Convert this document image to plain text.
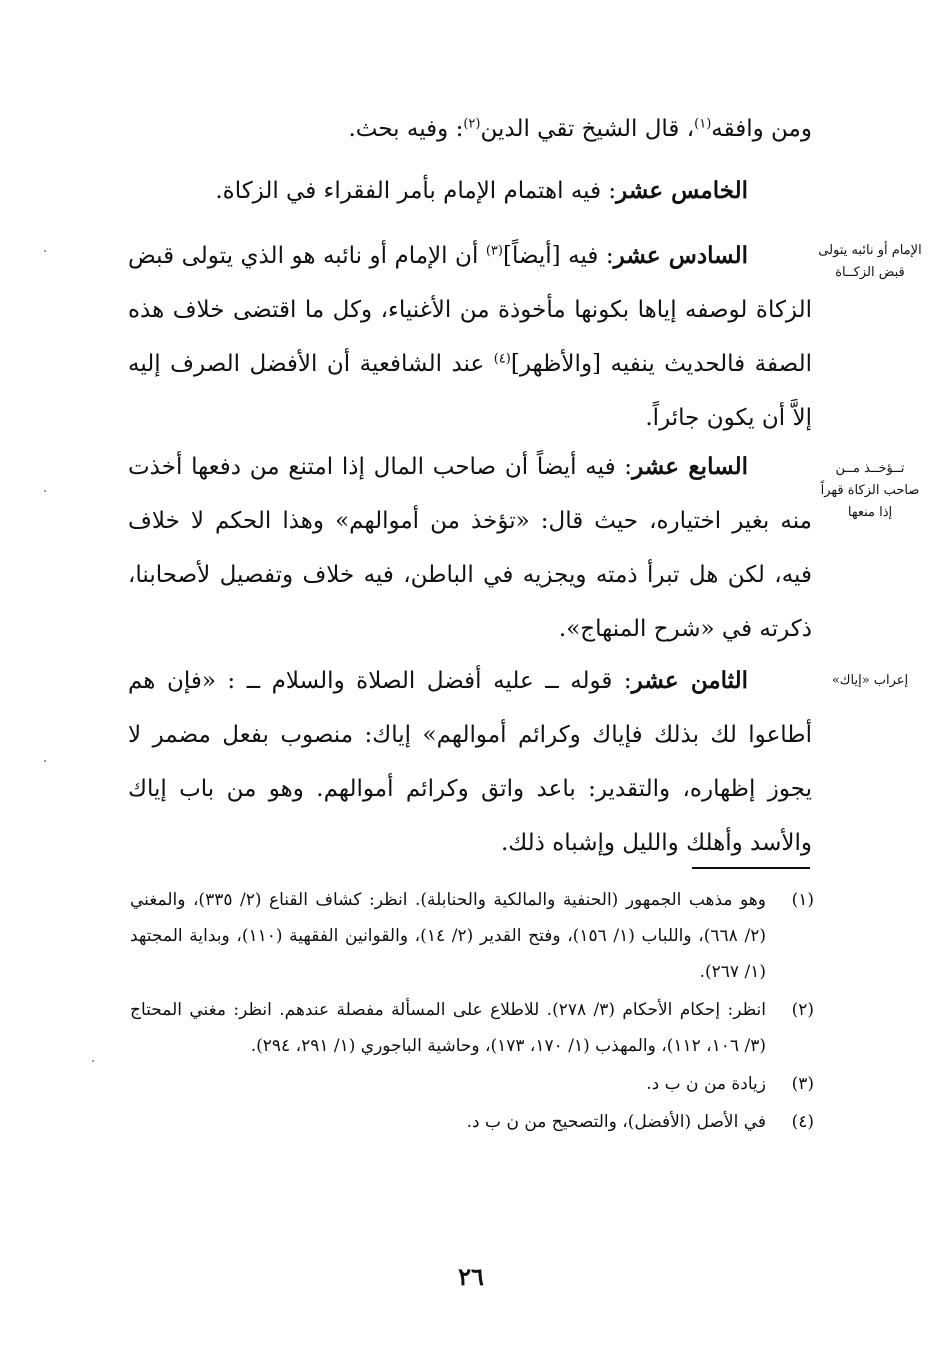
ومن وافقه$^{(١)}$، قال الشيخ تقي الدين$^{(٢)}$: وفيه بحث.

الخامس عشر: فيه اهتمام الإمام بأمر الفقراء في الزكاة.

السادس عشر: فيه [أيضاً]$^{(٣)}$ أن الإمام أو نائبه هو الذي يتولى قبض الزكاة لوصفه إياها بكونها مأخوذة من الأغنياء، وكل ما اقتضى خلاف هذه الصفة فالحديث ينفيه [والأظهر]$^{(٤)}$ عند الشافعية أن الأفضل الصرف إليه إلاَّ أن يكون جائراً.

السابع عشر: فيه أيضاً أن صاحب المال إذا امتنع من دفعها أخذت منه بغير اختياره، حيث قال: «تؤخذ من أموالهم» وهذا الحكم لا خلاف فيه، لكن هل تبرأ ذمته ويجزيه في الباطن، فيه خلاف وتفصيل لأصحابنا، ذكرته في «شرح المنهاج».

الثامن عشر: قوله ــ عليه أفضل الصلاة والسلام ــ : «فإن هم أطاعوا لك بذلك فإياك وكرائم أموالهم» إياك: منصوب بفعل مضمر لا يجوز إظهاره، والتقدير: باعد واتق وكرائم أموالهم. وهو من باب إياك والأسد وأهلك والليل وإشباه ذلك.

الإمام أو نائبه يتولى قبض الزكــاة
تــؤخــذ مــن صاحب الزكاة قهراً إذا منعها
إعراب «إياك»
(١)
وهو مذهب الجمهور (الحنفية والمالكية والحنابلة). انظر: كشاف القناع (٢/ ٣٣٥)، والمغني (٢/ ٦٦٨)، واللباب (١/ ١٥٦)، وفتح القدير (٢/ ١٤)، والقوانين الفقهية (١١٠)، وبداية المجتهد (١/ ٢٦٧).
(٢)
انظر: إحكام الأحكام (٣/ ٢٧٨). للاطلاع على المسألة مفصلة عندهم. انظر: مغني المحتاج (٣/ ١٠٦، ١١٢)، والمهذب (١/ ١٧٠، ١٧٣)، وحاشية الباجوري (١/ ٢٩١، ٢٩٤).
(٣)
زيادة من ن ب د.
(٤)
في الأصل (الأفضل)، والتصحيح من ن ب د.
٢٦
